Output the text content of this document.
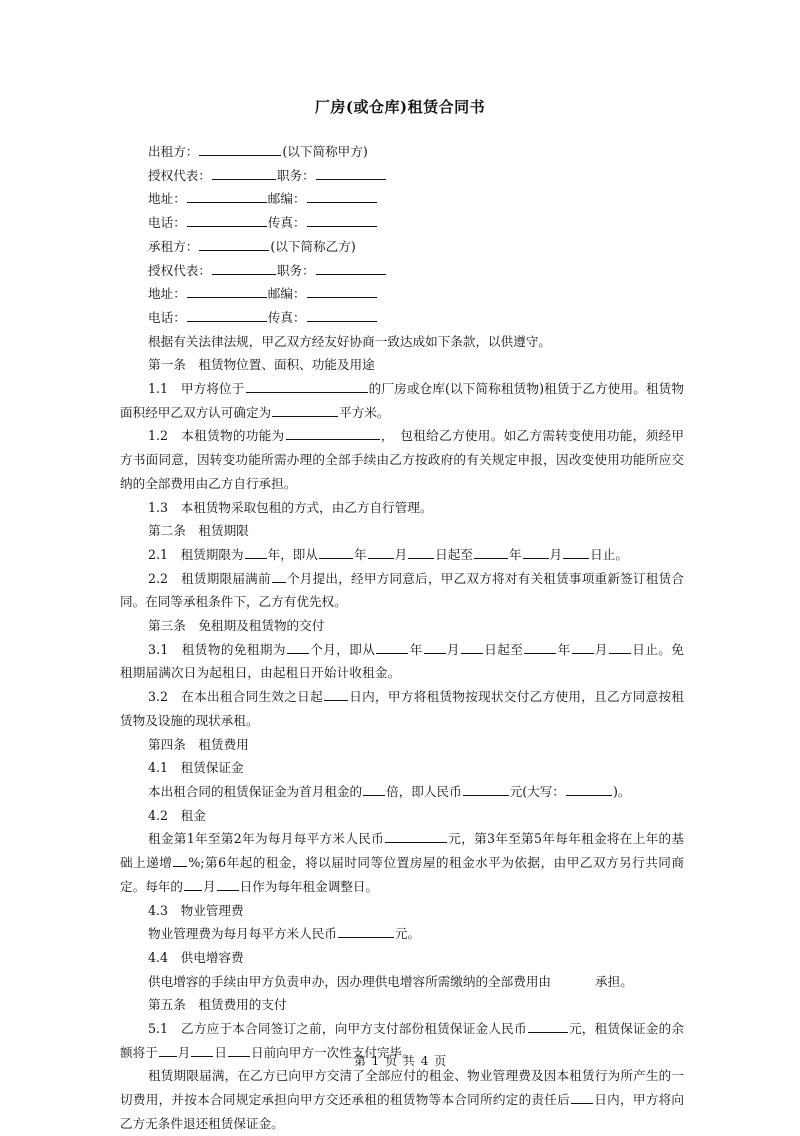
厂房(或仓库)租赁合同书
出租方：	(以下简称甲方)
授权代表：	职务：
地址：	邮编：
电话：	传真：
承租方：	(以下简称乙方)
授权代表：	职务：
地址：	邮编：
电话：	传真：
根据有关法律法规，甲乙双方经友好协商一致达成如下条款，以供遵守。
第一条　租赁物位置、面积、功能及用途
1.1　甲方将位于	的厂房或仓库(以下简称租赁物)租赁于乙方使用。租赁物面积经甲乙双方认可确定为	平方米。
1.2　本租赁物的功能为	，　包租给乙方使用。如乙方需转变使用功能，须经甲方书面同意，因转变功能所需办理的全部手续由乙方按政府的有关规定申报，因改变使用功能所应交纳的全部费用由乙方自行承担。
1.3　本租赁物采取包租的方式，由乙方自行管理。
第二条　租赁期限
2.1　租赁期限为 年，即从	年 月 日起至	年 月 日止。
2.2　租赁期限届满前 个月提出，经甲方同意后，甲乙双方将对有关租赁事项重新签订租赁合同。在同等承租条件下，乙方有优先权。
第三条　免租期及租赁物的交付
3.1　租赁物的免租期为 个月，即从	年 月 日起至	年 月 日止。免租期届满次日为起租日，由起租日开始计收租金。
3.2　在本出租合同生效之日起 日内，甲方将租赁物按现状交付乙方使用，且乙方同意按租赁物及设施的现状承租。
第四条　租赁费用
4.1　租赁保证金
本出租合同的租赁保证金为首月租金的 倍，即人民币	元(大写：	)。
4.2　租金
租金第1年至第2年为每月每平方米人民币	元，第3年至第5年每年租金将在上年的基础上递增 %;第6年起的租金，将以届时同等位置房屋的租金水平为依据，由甲乙双方另行共同商定。每年的 月 日作为每年租金调整日。
4.3　物业管理费
物业管理费为每月每平方米人民币	元。
4.4　供电增容费
供电增容的手续由甲方负责申办，因办理供电增容所需缴纳的全部费用由	承担。
第五条　租赁费用的支付
5.1　乙方应于本合同签订之前，向甲方支付部份租赁保证金人民币	元，租赁保证金的余额将于 月 日 日前向甲方一次性支付完毕。
租赁期限届满，在乙方已向甲方交清了全部应付的租金、物业管理费及因本租赁行为所产生的一切费用，并按本合同规定承担向甲方交还承租的租赁物等本合同所约定的责任后 日内，甲方将向乙方无条件退还租赁保证金。
第 1 页 共 4 页
